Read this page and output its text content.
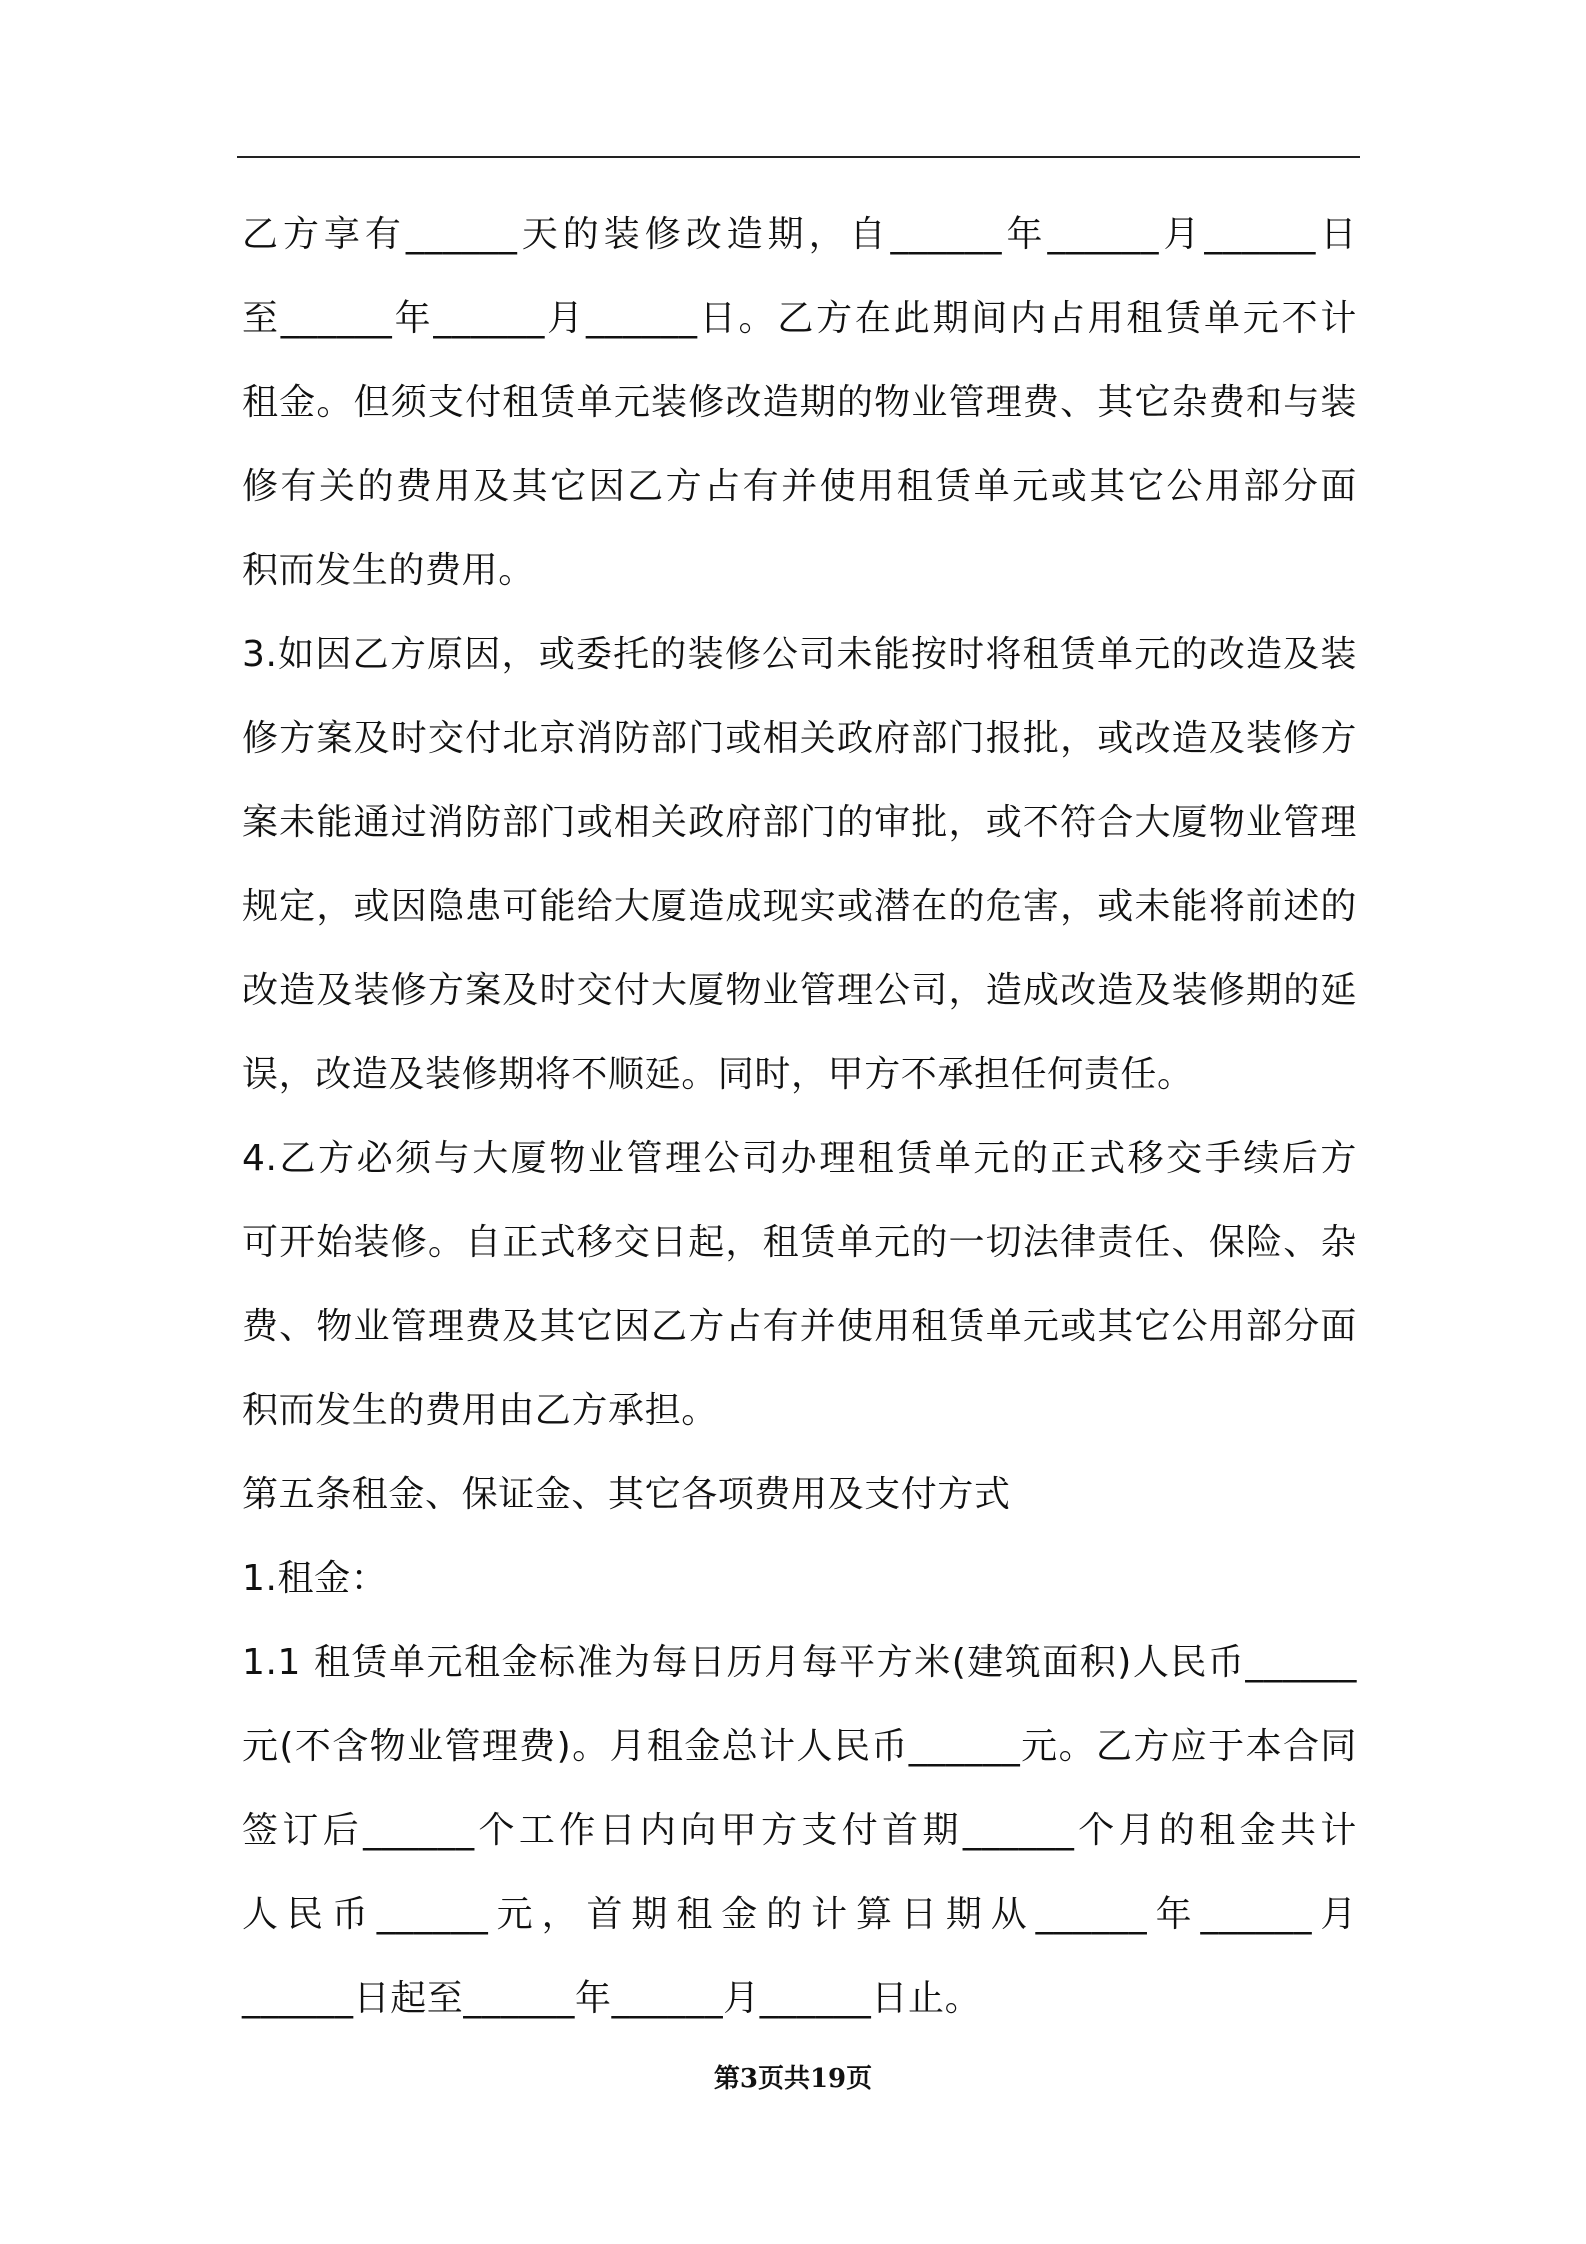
乙方享有______天的装修改造期，自______年______月______日
至______年______月______日。乙方在此期间内占用租赁单元不计
租金。但须支付租赁单元装修改造期的物业管理费、其它杂费和与装
修有关的费用及其它因乙方占有并使用租赁单元或其它公用部分面
积而发生的费用。
3.如因乙方原因，或委托的装修公司未能按时将租赁单元的改造及装
修方案及时交付北京消防部门或相关政府部门报批，或改造及装修方
案未能通过消防部门或相关政府部门的审批，或不符合大厦物业管理
规定，或因隐患可能给大厦造成现实或潜在的危害，或未能将前述的
改造及装修方案及时交付大厦物业管理公司，造成改造及装修期的延
误，改造及装修期将不顺延。同时，甲方不承担任何责任。
4.乙方必须与大厦物业管理公司办理租赁单元的正式移交手续后方
可开始装修。自正式移交日起，租赁单元的一切法律责任、保险、杂
费、物业管理费及其它因乙方占有并使用租赁单元或其它公用部分面
积而发生的费用由乙方承担。
第五条租金、保证金、其它各项费用及支付方式
1.租金：
1.1 租赁单元租金标准为每日历月每平方米(建筑面积)人民币______
元(不含物业管理费)。月租金总计人民币______元。乙方应于本合同
签订后______个工作日内向甲方支付首期______个月的租金共计
人民币______元，首期租金的计算日期从______年______月
______日起至______年______月______日止。
第3页共19页
